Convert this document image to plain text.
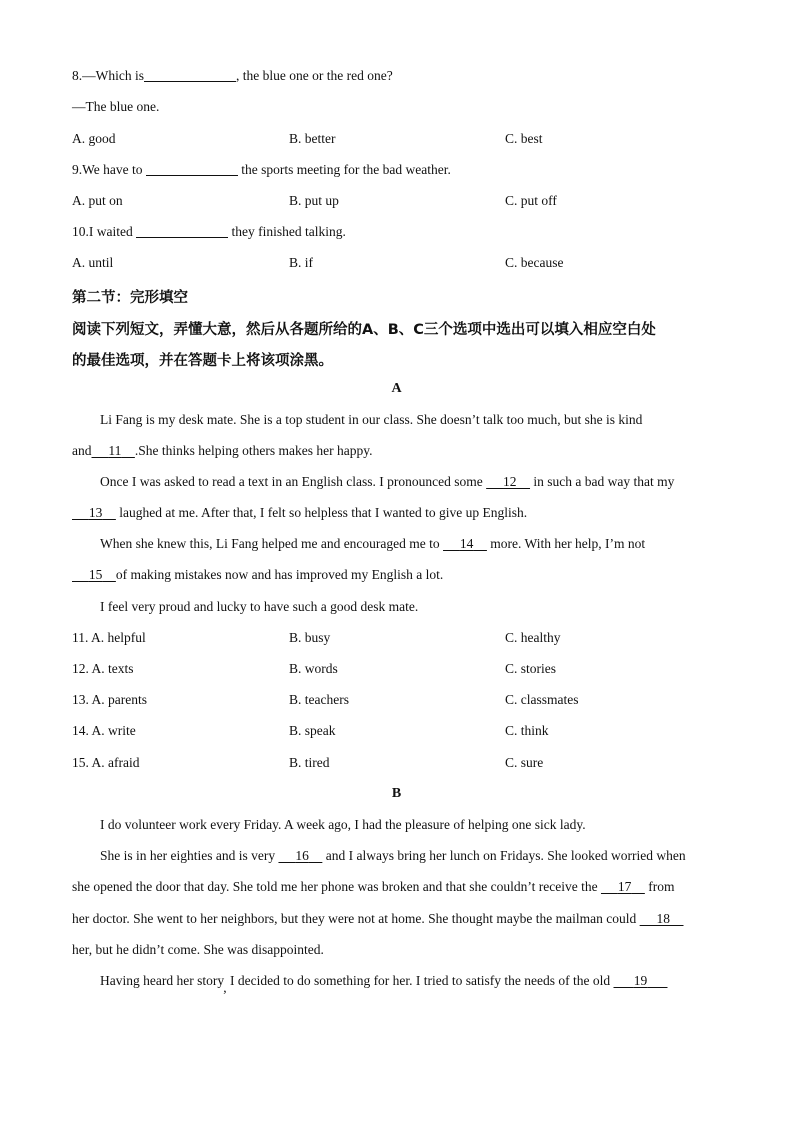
8.—Which is	, the blue one or the red one?
—The blue one.
A. good	B. better	C. best
9.We have to	the sports meeting for the bad weather.
A. put on	B. put up	C. put off
10.I waited	they finished talking.
A. until	B. if	C. because
第二节：完形填空
阅读下列短文，弄懂大意，然后从各题所给的A、B、C三个选项中选出可以填入相应空白处
的最佳选项，并在答题卡上将该项涂黑。
A
Li Fang is my desk mate. She is a top student in our class. She doesn’t talk too much, but she is kind
and 11 .She thinks helping others makes her happy.
Once I was asked to read a text in an English class. I pronounced some      12     in such a bad way that my
13     laughed at me. After that, I felt so helpless that I wanted to give up English.
When she knew this, Li Fang helped me and encouraged me to      14     more. With her help, I’m not
15 of making mistakes now and has improved my English a lot.
I feel very proud and lucky to have such a good desk mate.
11. A. helpful	B. busy	C. healthy
12. A. texts	B. words	C. stories
13. A. parents	B. teachers	C. classmates
14. A. write	B. speak	C. think
15. A. afraid	B. tired	C. sure
B
I do volunteer work every Friday. A week ago, I had the pleasure of helping one sick lady.
She is in her eighties and is very      16     and I always bring her lunch on Fridays. She looked worried when
she opened the door that day. She told me her phone was broken and that she couldn’t receive the      17     from
her doctor. She went to her neighbors, but they were not at home. She thought maybe the mailman could      18
her, but he didn’t come. She was disappointed.
Having heard her story, I decided to do something for her. I tried to satisfy the needs of the old       19
